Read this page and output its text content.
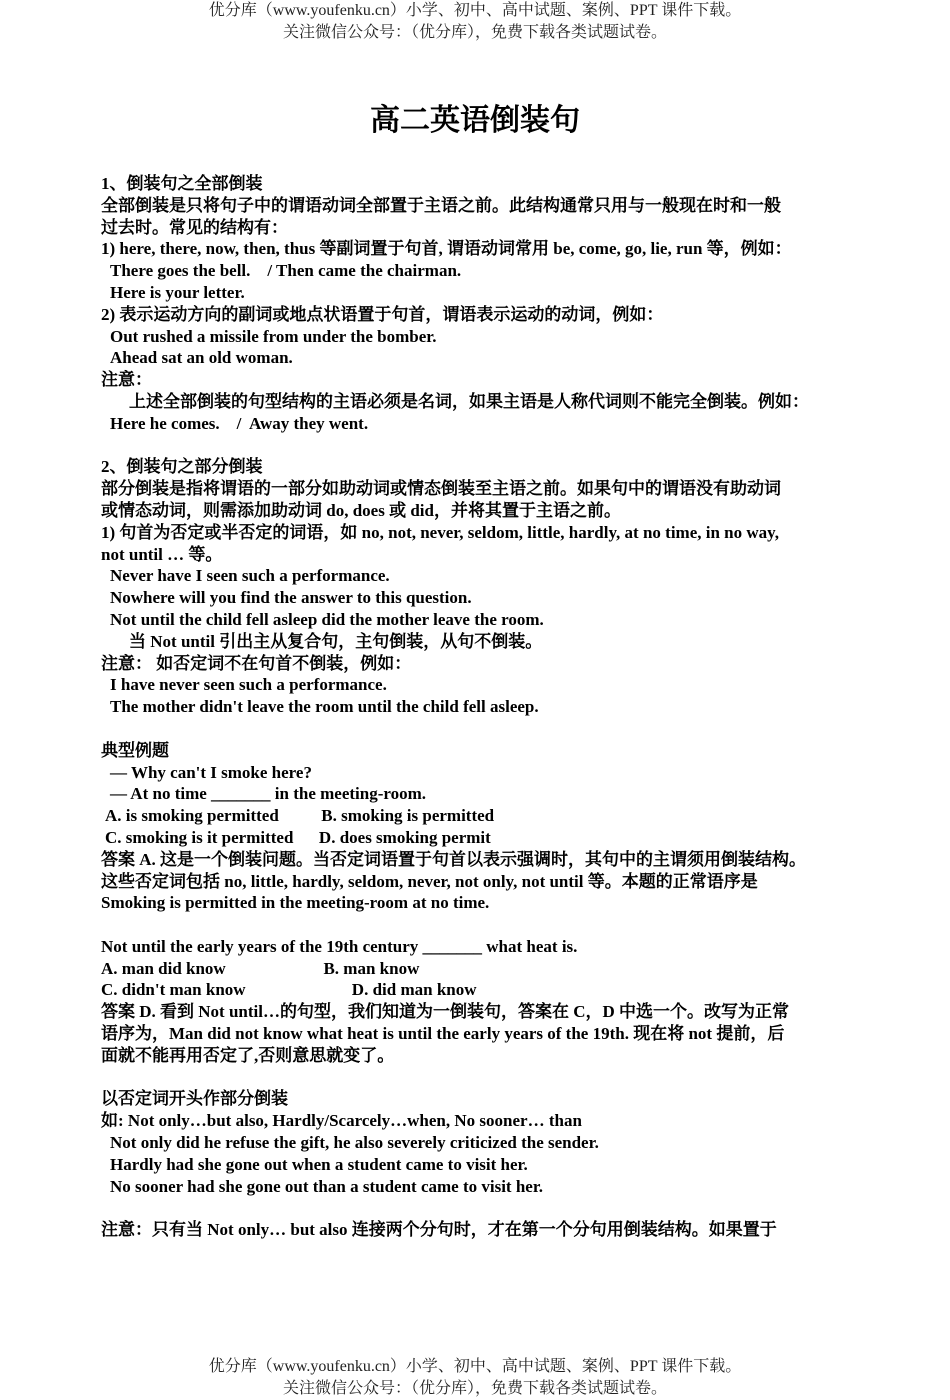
优分库（www.youfenku.cn）小学、初中、高中试题、案例、PPT 课件下载。
关注微信公众号：（优分库），免费下载各类试题试卷。
高二英语倒装句

1、倒装句之全部倒装

全部倒装是只将句子中的谓语动词全部置于主语之前。此结构通常只用与一般现在时和一般

过去时。常见的结构有：

1) here, there, now, then, thus 等副词置于句首, 谓语动词常用 be, come, go, lie, run 等，例如：

There goes the bell.    / Then came the chairman.

Here is your letter.

2) 表示运动方向的副词或地点状语置于句首，谓语表示运动的动词，例如：

Out rushed a missile from under the bomber.

Ahead sat an old woman.

注意：

上述全部倒装的句型结构的主语必须是名词，如果主语是人称代词则不能完全倒装。例如：

Here he comes.    /  Away they went.

2、倒装句之部分倒装

部分倒装是指将谓语的一部分如助动词或情态倒装至主语之前。如果句中的谓语没有助动词

或情态动词，则需添加助动词 do, does 或 did，并将其置于主语之前。

1) 句首为否定或半否定的词语，如 no, not, never, seldom, little, hardly, at no time, in no way,

not until … 等。

Never have I seen such a performance.

Nowhere will you find the answer to this question.

Not until the child fell asleep did the mother leave the room.

当 Not until 引出主从复合句，主句倒装，从句不倒装。

注意： 如否定词不在句首不倒装，例如：

I have never seen such a performance.

The mother didn't leave the room until the child fell asleep.

典型例题

— Why can't I smoke here?

— At no time _______ in the meeting-room.

A. is smoking permitted          B. smoking is permitted

C. smoking is it permitted      D. does smoking permit

答案 A. 这是一个倒装问题。当否定词语置于句首以表示强调时，其句中的主谓须用倒装结构。

这些否定词包括 no, little, hardly, seldom, never, not only, not until 等。本题的正常语序是

Smoking is permitted in the meeting-room at no time.

Not until the early years of the 19th century _______ what heat is.

A. man did know                       B. man know

C. didn't man know                         D. did man know

答案 D. 看到 Not until…的句型，我们知道为一倒装句，答案在 C，D 中选一个。改写为正常

语序为，Man did not know what heat is until the early years of the 19th. 现在将 not 提前，后

面就不能再用否定了,否则意思就变了。

以否定词开头作部分倒装

如: Not only…but also, Hardly/Scarcely…when, No sooner… than

Not only did he refuse the gift, he also severely criticized the sender.

Hardly had she gone out when a student came to visit her.

No sooner had she gone out than a student came to visit her.

注意：只有当 Not only… but also 连接两个分句时，才在第一个分句用倒装结构。如果置于

优分库（www.youfenku.cn）小学、初中、高中试题、案例、PPT 课件下载。
关注微信公众号：（优分库），免费下载各类试题试卷。
